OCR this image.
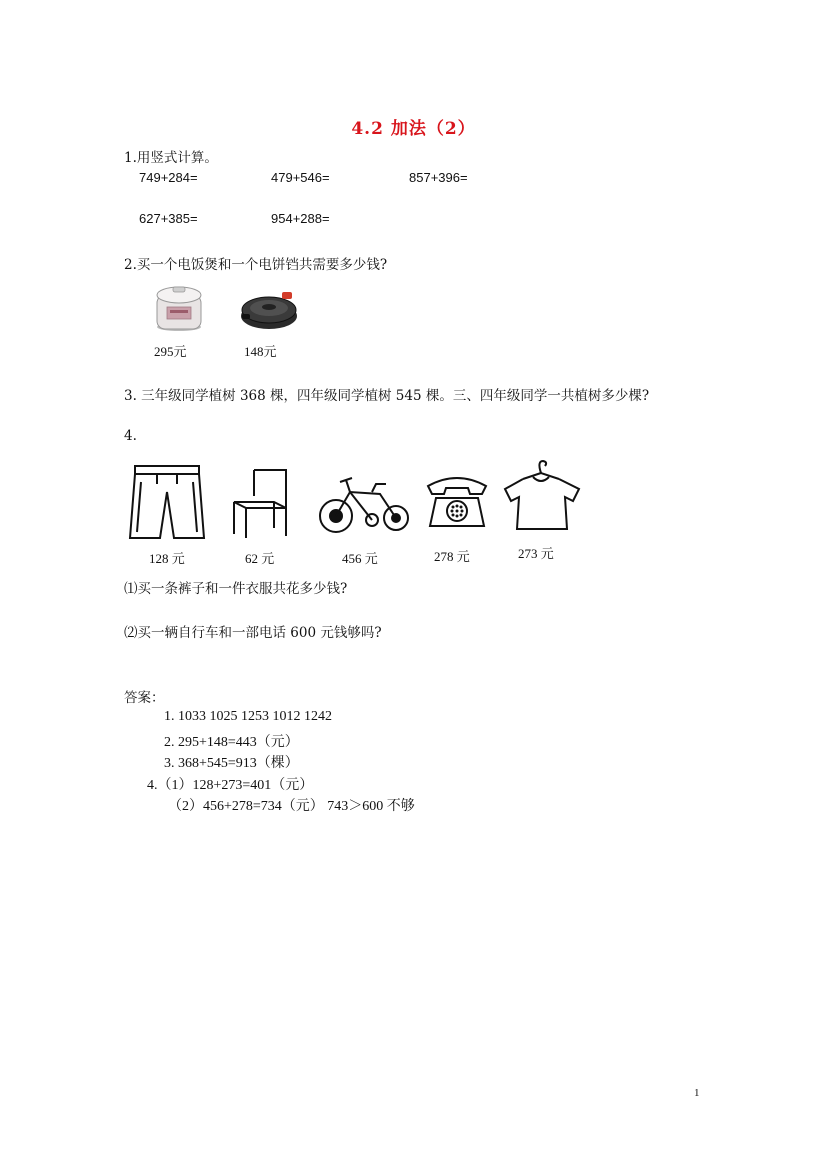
4.2 加法（2）
1.用竖式计算。
749+284=	479+546=	857+396=
627+385=	954+288=
2.买一个电饭煲和一个电饼铛共需要多少钱?
295元	148元
3. 三年级同学植树 368 棵，四年级同学植树 545 棵。三、四年级同学一共植树多少棵?
4.
128 元	62 元	456 元	278 元	273 元
⑴买一条裤子和一件衣服共花多少钱?
⑵买一辆自行车和一部电话 600 元钱够吗?
答案：
1. 1033 1025 1253 1012 1242
2. 295+148=443（元）
3. 368+545=913（棵）
4.（1）128+273=401（元）
（2）456+278=734（元） 743＞600 不够
1
